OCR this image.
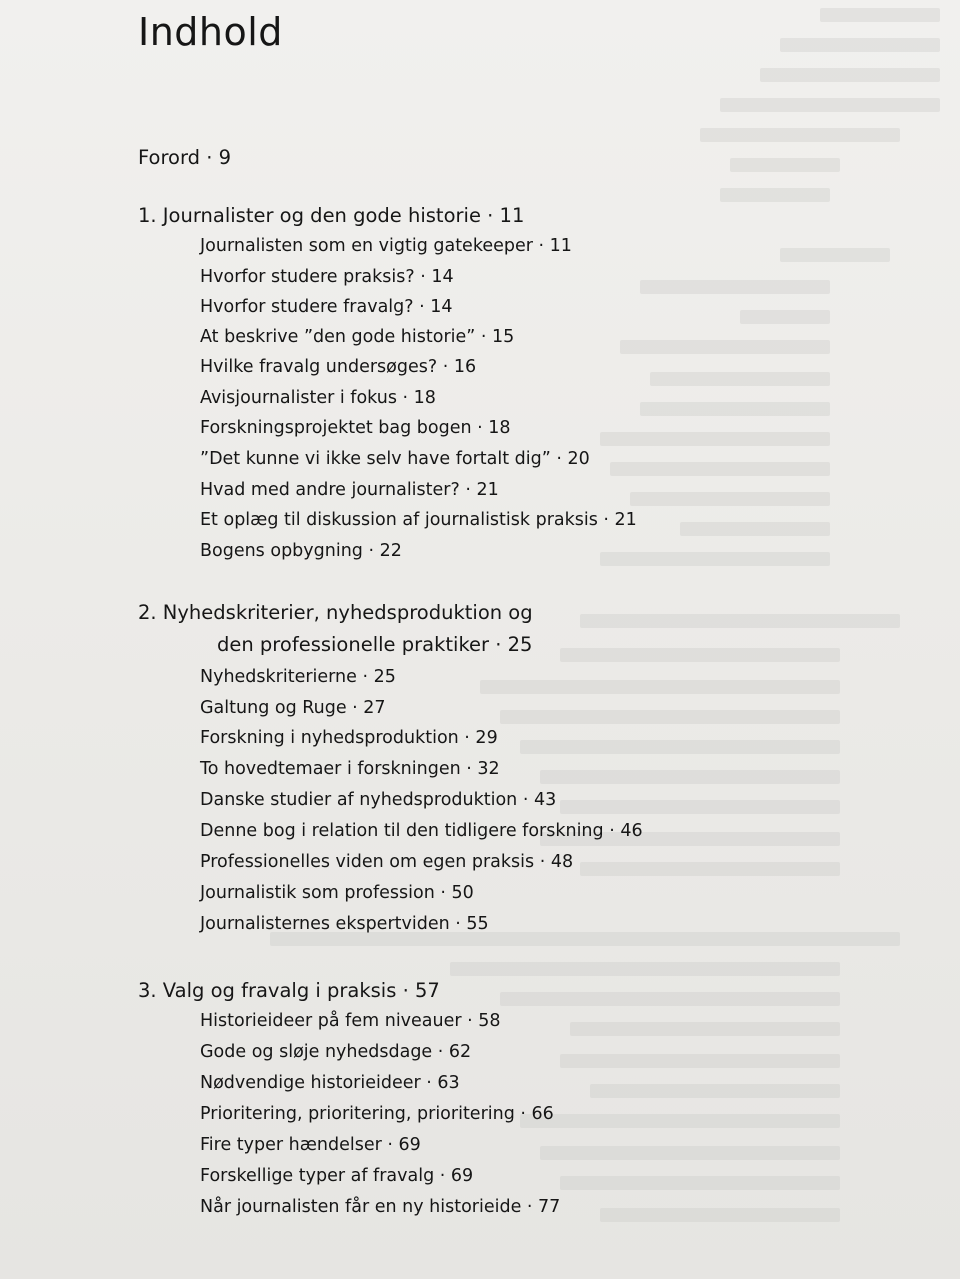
Indhold

Forord · 9

1. Journalister og den gode historie · 11

Journalisten som en vigtig gatekeeper · 11

Hvorfor studere praksis? · 14

Hvorfor studere fravalg? · 14

At beskrive ”den gode historie” · 15

Hvilke fravalg undersøges? · 16

Avisjournalister i fokus · 18

Forskningsprojektet bag bogen · 18

”Det kunne vi ikke selv have fortalt dig” · 20

Hvad med andre journalister? · 21

Et oplæg til diskussion af journalistisk praksis · 21

Bogens opbygning · 22

2. Nyhedskriterier, nyhedsproduktion og

den professionelle praktiker · 25

Nyhedskriterierne · 25

Galtung og Ruge · 27

Forskning i nyhedsproduktion · 29

To hovedtemaer i forskningen · 32

Danske studier af nyhedsproduktion · 43

Denne bog i relation til den tidligere forskning · 46

Professionelles viden om egen praksis · 48

Journalistik som profession · 50

Journalisternes ekspertviden · 55

3. Valg og fravalg i praksis · 57

Historieideer på fem niveauer · 58

Gode og sløje nyhedsdage · 62

Nødvendige historieideer · 63

Prioritering, prioritering, prioritering · 66

Fire typer hændelser · 69

Forskellige typer af fravalg · 69

Når journalisten får en ny historieide · 77
